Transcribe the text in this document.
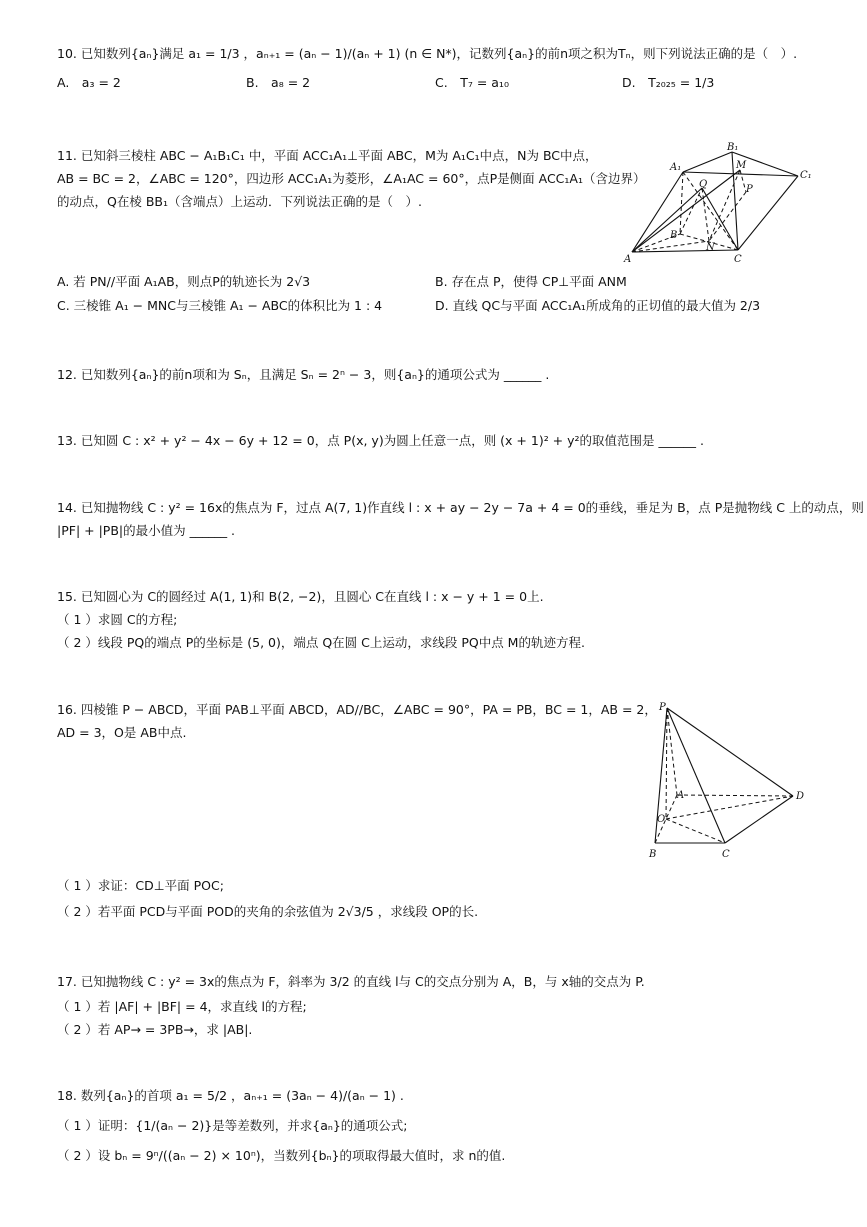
10. 已知数列{aₙ}满足 a₁ = 1/3 ，aₙ₊₁ = (aₙ − 1)/(aₙ + 1) (n ∈ N*)，记数列{aₙ}的前n项之积为Tₙ，则下列说法正确的是（　）.
A.　a₃ = 2	B.　a₈ = 2	C.　T₇ = a₁₀	D.　T₂₀₂₅ = 1/3
11. 已知斜三棱柱 ABC − A₁B₁C₁ 中，平面 ACC₁A₁⊥平面 ABC，M为 A₁C₁中点，N为 BC中点，
AB = BC = 2，∠ABC = 120°，四边形 ACC₁A₁为菱形，∠A₁AC = 60°，点P是侧面 ACC₁A₁（含边界）
的动点，Q在棱 BB₁（含端点）上运动．下列说法正确的是（　）.
A
B
C
A₁
B₁
C₁
M
N
P
Q
A. 若 PN//平面 A₁AB，则点P的轨迹长为 2√3	B. 存在点 P，使得 CP⊥平面 ANM
C. 三棱锥 A₁ − MNC与三棱锥 A₁ − ABC的体积比为 1 : 4	D. 直线 QC与平面 ACC₁A₁所成角的正切值的最大值为 2/3
12. 已知数列{aₙ}的前n项和为 Sₙ，且满足 Sₙ = 2ⁿ − 3，则{aₙ}的通项公式为 ______ .
13. 已知圆 C : x² + y² − 4x − 6y + 12 = 0，点 P(x, y)为圆上任意一点，则 (x + 1)² + y²的取值范围是 ______ .
14. 已知抛物线 C : y² = 16x的焦点为 F，过点 A(7, 1)作直线 l : x + ay − 2y − 7a + 4 = 0的垂线，垂足为 B，点 P是抛物线 C 上的动点，则
|PF| + |PB|的最小值为 ______ .
15. 已知圆心为 C的圆经过 A(1, 1)和 B(2, −2)，且圆心 C在直线 l : x − y + 1 = 0上.
（ 1 ）求圆 C的方程;
（ 2 ）线段 PQ的端点 P的坐标是 (5, 0)，端点 Q在圆 C上运动，求线段 PQ中点 M的轨迹方程.
16. 四棱锥 P − ABCD，平面 PAB⊥平面 ABCD，AD//BC，∠ABC = 90°，PA = PB，BC = 1，AB = 2，
AD = 3，O是 AB中点.
P
A
B	C
D
O
（ 1 ）求证：CD⊥平面 POC;
（ 2 ）若平面 PCD与平面 POD的夹角的余弦值为 2√3/5 ，求线段 OP的长.
17. 已知抛物线 C : y² = 3x的焦点为 F，斜率为 3/2 的直线 l与 C的交点分别为 A，B，与 x轴的交点为 P.
（ 1 ）若 |AF| + |BF| = 4，求直线 l的方程;
（ 2 ）若 AP→ = 3PB→，求 |AB|.
18. 数列{aₙ}的首项 a₁ = 5/2 ，aₙ₊₁ = (3aₙ − 4)/(aₙ − 1) .
（ 1 ）证明：{1/(aₙ − 2)}是等差数列，并求{aₙ}的通项公式;
（ 2 ）设 bₙ = 9ⁿ/((aₙ − 2) × 10ⁿ)，当数列{bₙ}的项取得最大值时，求 n的值.
